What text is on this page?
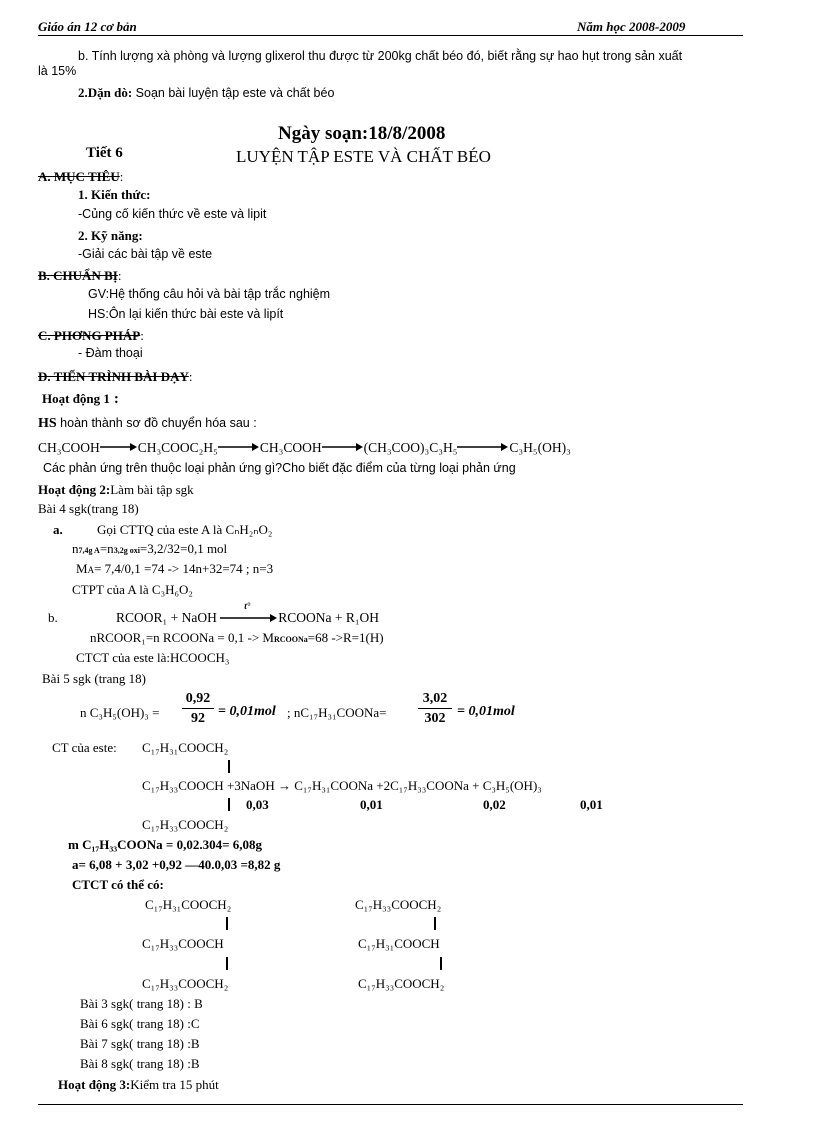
Giáo án 12 cơ bản	Năm học 2008-2009
b. Tính lượng xà phòng và lượng glixerol thu được từ 200kg chất béo đó, biết rằng sự hao hụt trong sản xuất
là 15%
2.Dặn dò: Soạn bài luyện tập este và chất béo
Ngày soạn:18/8/2008
Tiết 6	LUYỆN TẬP ESTE VÀ CHẤT BÉO
A. MỤC TIÊU:
1. Kiến thức:
-Củng cố kiến thức về este và lipit
2. Kỹ năng:
-Giải các bài tập về este
B. CHUẨN BỊ:
GV:Hệ thống câu hỏi và bài tập trắc nghiệm
HS:Ôn lại kiến thức bài este và lipít
C. PHƠNG PHÁP:
- Đàm thoại
D. TIẾN TRÌNH BÀI DẠY:
Hoạt động 1 :
HS hoàn thành sơ đồ chuyển hóa sau :
CH₃COOH	CH₃COOC₂H₅	CH₃COOH	(CH₃COO)₃C₃H₅	C₃H₅(OH)₃
Các phản ứng trên thuộc loại phản ứng gì?Cho biết đặc điểm của từng loại phản ứng
Hoạt động 2:Làm bài tập sgk
Bài 4 sgk(trang 18)
a.	Gọi CTTQ của este A là CₙH₂ₙO₂
n7,4g A=n3,2g oxi=3,2/32=0,1 mol
MA= 7,4/0,1 =74 -> 14n+32=74 ; n=3
CTPT của A là C₃H₆O₂
b.	RCOOR₁ + NaOH
t°
RCOONa + R₁OH
nRCOOR₁=n RCOONa = 0,1 -> MRCOONa=68 ->R=1(H)
CTCT của este là:HCOOCH₃
Bài 5 sgk (trang 18)
n $C_3H_5(OH)_3 = \frac{0,92}{92} = 0,01mol$ ; nC₁₇H₃₁COONa= $\frac{3,02}{302} = 0,01mol$
CT của este: C₁₇H₃₁COOCH₂
C₁₇H₃₃COOCH +3NaOH → C₁₇H₃₁COONa +2C₁₇H₃₃COONa + C₃H₅(OH)₃
0,03	0,01	0,02	0,01
C₁₇H₃₃COOCH₂
m C₁₇H₃₃COONa = 0,02.304= 6,08g
a= 6,08 + 3,02 +0,92 —40.0,03 =8,82 g
CTCT có thể có:
C₁₇H₃₁COOCH₂	C₁₇H₃₃COOCH₂
C₁₇H₃₃COOCH	C₁₇H₃₁COOCH
C₁₇H₃₃COOCH₂	C₁₇H₃₃COOCH₂
Bài 3 sgk( trang 18) : B
Bài 6 sgk( trang 18) :C
Bài 7 sgk( trang 18) :B
Bài 8 sgk( trang 18) :B
Hoạt động 3:Kiểm tra 15 phút
